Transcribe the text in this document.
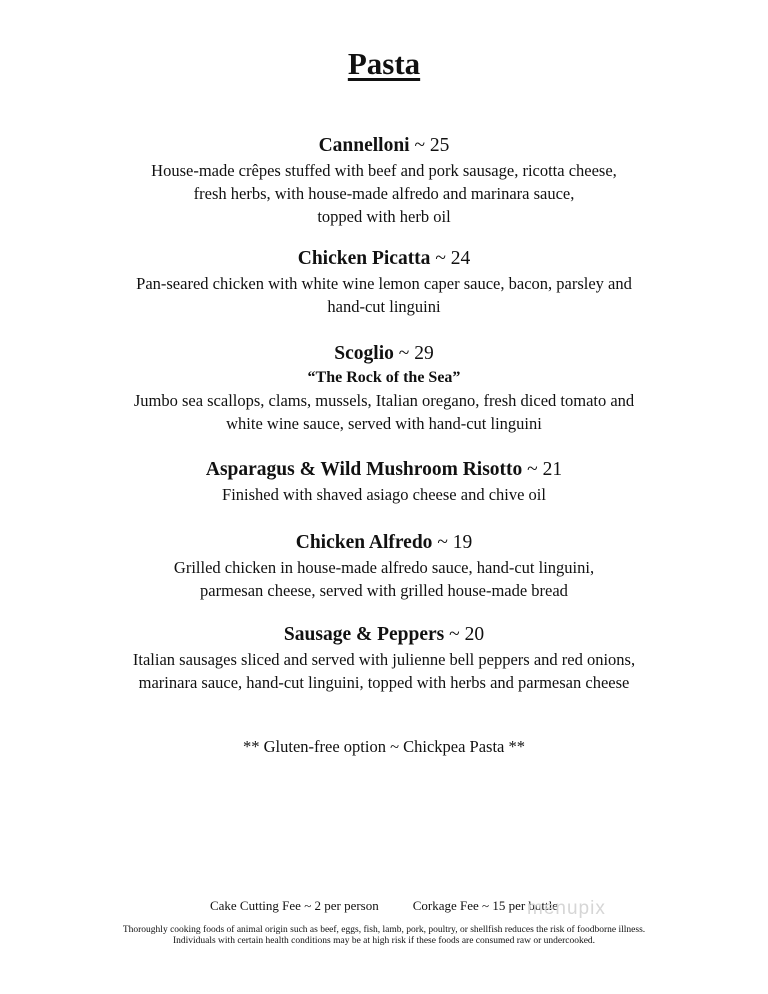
Pasta
Cannelloni ~ 25
House-made crêpes stuffed with beef and pork sausage, ricotta cheese,
fresh herbs, with house-made alfredo and marinara sauce,
topped with herb oil
Chicken Picatta ~ 24
Pan-seared chicken with white wine lemon caper sauce, bacon, parsley and
hand-cut linguini
Scoglio ~ 29
“The Rock of the Sea”
Jumbo sea scallops, clams, mussels, Italian oregano, fresh diced tomato and
white wine sauce, served with hand-cut linguini
Asparagus & Wild Mushroom Risotto ~ 21
Finished with shaved asiago cheese and chive oil
Chicken Alfredo ~ 19
Grilled chicken in house-made alfredo sauce, hand-cut linguini,
parmesan cheese, served with grilled house-made bread
Sausage & Peppers ~ 20
Italian sausages sliced and served with julienne bell peppers and red onions,
marinara sauce, hand-cut linguini, topped with herbs and parmesan cheese
** Gluten-free option ~ Chickpea Pasta **
Cake Cutting Fee ~ 2 per person	Corkage Fee ~ 15 per bottle
Thoroughly cooking foods of animal origin such as beef, eggs, fish, lamb, pork, poultry, or shellfish reduces the risk of foodborne illness.
Individuals with certain health conditions may be at high risk if these foods are consumed raw or undercooked.
menupix
